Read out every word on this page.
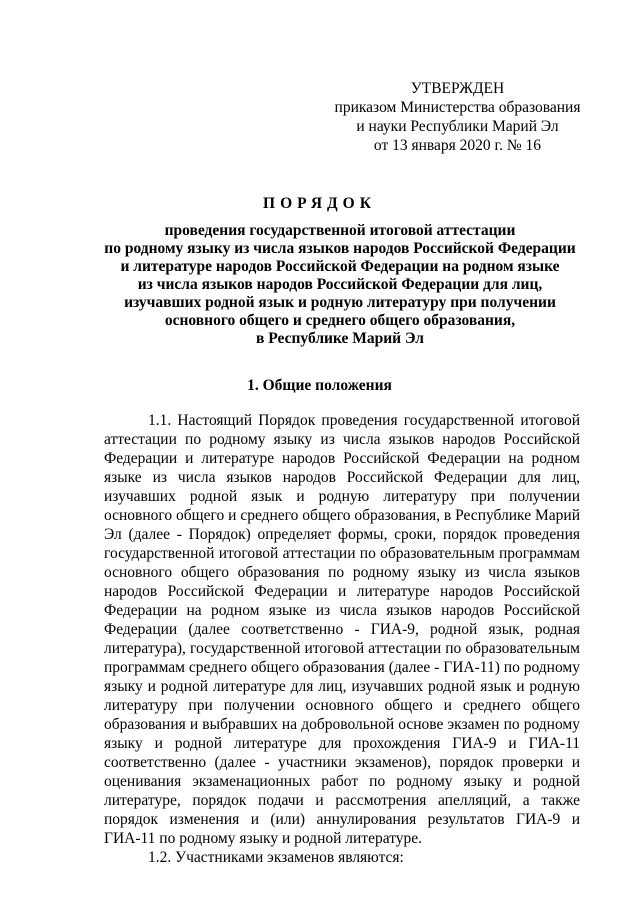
УТВЕРЖДЕН
приказом Министерства образования
и науки Республики Марий Эл
от 13 января 2020 г. № 16
ПОРЯДОК
проведения государственной итоговой аттестации
по родному языку из числа языков народов Российской Федерации
и литературе народов Российской Федерации на родном языке
из числа языков народов Российской Федерации для лиц,
изучавших родной язык и родную литературу при получении
основного общего и среднего общего образования,
в Республике Марий Эл
1. Общие положения

1.1. Настоящий Порядок проведения государственной итоговой аттестации по родному языку из числа языков народов Российской Федерации и литературе народов Российской Федерации на родном языке из числа языков народов Российской Федерации для лиц, изучавших родной язык и родную литературу при получении основного общего и среднего общего образования, в Республике Марий Эл (далее - Порядок) определяет формы, сроки, порядок проведения государственной итоговой аттестации по образовательным программам основного общего образования по родному языку из числа языков народов Российской Федерации и литературе народов Российской Федерации на родном языке из числа языков народов Российской Федерации (далее соответственно - ГИА-9, родной язык, родная литература), государственной итоговой аттестации по образовательным программам среднего общего образования (далее - ГИА-11) по родному языку и родной литературе для лиц, изучавших родной язык и родную литературу при получении основного общего и среднего общего образования и выбравших на добровольной основе экзамен по родному языку и родной литературе для прохождения ГИА-9 и ГИА-11 соответственно (далее - участники экзаменов), порядок проверки и оценивания экзаменационных работ по родному языку и родной литературе, порядок подачи и рассмотрения апелляций, а также порядок изменения и (или) аннулирования результатов ГИА-9 и ГИА-11 по родному языку и родной литературе.

1.2. Участниками экзаменов являются:
